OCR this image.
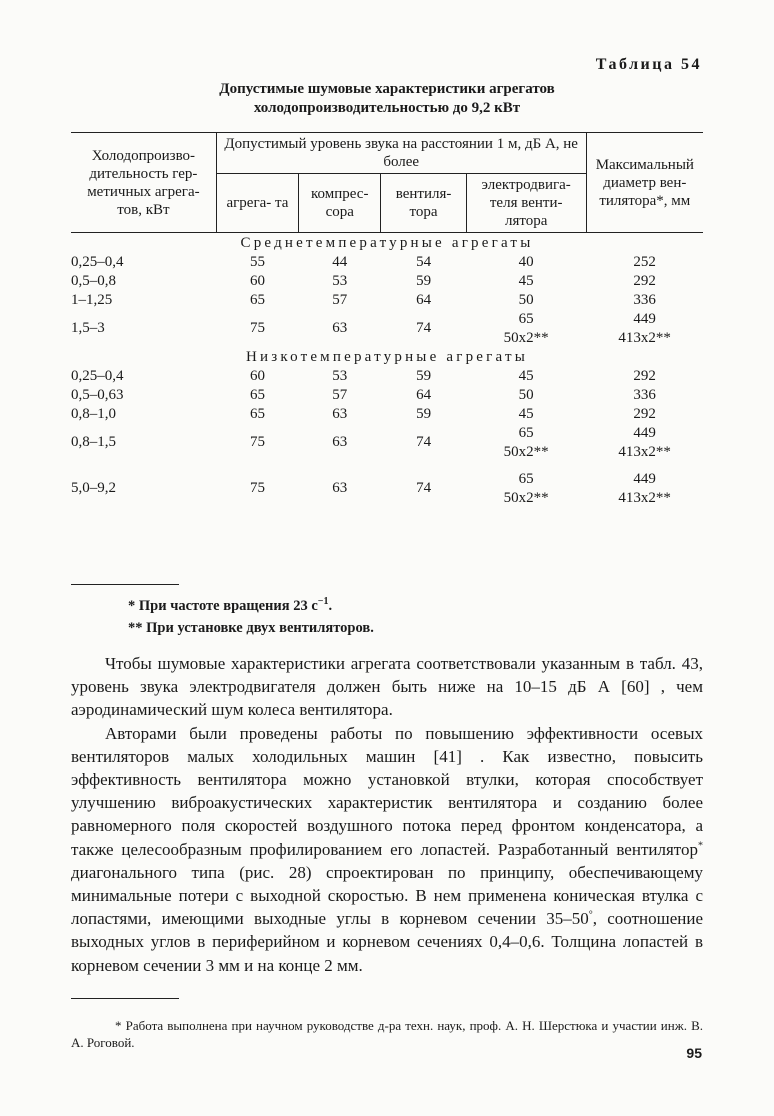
Таблица 54
Допустимые шумовые характеристики агрегатов
холодопроизводительностью до 9,2 кВт
Холодопроизво- дительность гер- метичных агрега- тов, кВт	Допустимый уровень звука на расстоянии 1 м, дБ А, не более				Максимальный диаметр вен- тилятора*, мм
	агрега- та	компрес- сора	вентиля- тора	электродвига- теля венти- лятора	
Среднетемпературные агрегаты					
0,25–0,4	55	44	54	40	252
0,5–0,8	60	53	59	45	292
1–1,25	65	57	64	50	336
1,5–3	75	63	74	65	449
				50x2**	413x2**
Низкотемпературные агрегаты					
0,25–0,4	60	53	59	45	292
0,5–0,63	65	57	64	50	336
0,8–1,0	65	63	59	45	292
0,8–1,5	75	63	74	65	449
				50x2**	413x2**

5,0–9,2	75	63	74	65	449
				50x2**	413x2**
* При частоте вращения 23 $с^{-1}$.
** При установке двух вентиляторов.

Чтобы шумовые характеристики агрегата соответствовали указанным в табл. 43, уровень звука электродвигателя должен быть ниже на 10–15 дБ А [60] , чем аэродинамический шум колеса вентилятора.

Авторами были проведены работы по повышению эффективности осевых вентиляторов малых холодильных машин [41] . Как известно, повысить эффективность вентилятора можно установкой втулки, которая способствует улучшению виброакустических характеристик вентилятора и созданию более равномерного поля скоростей воздушного потока перед фронтом конденсатора, а также целесообразным профилированием его лопастей. Разработанный вентилятор* диагонального типа (рис. 28) спроектирован по принципу, обеспечивающему минимальные потери с выходной скоростью. В нем применена коническая втулка с лопастями, имеющими выходные углы в корневом сечении 35–50°, соотношение выходных углов в периферийном и корневом сечениях 0,4–0,6. Толщина лопастей в корневом сечении 3 мм и на конце 2 мм.

* Работа выполнена при научном руководстве д-ра техн. наук, проф. А. Н. Шерстюка и участии инж. В. А. Роговой.
95
